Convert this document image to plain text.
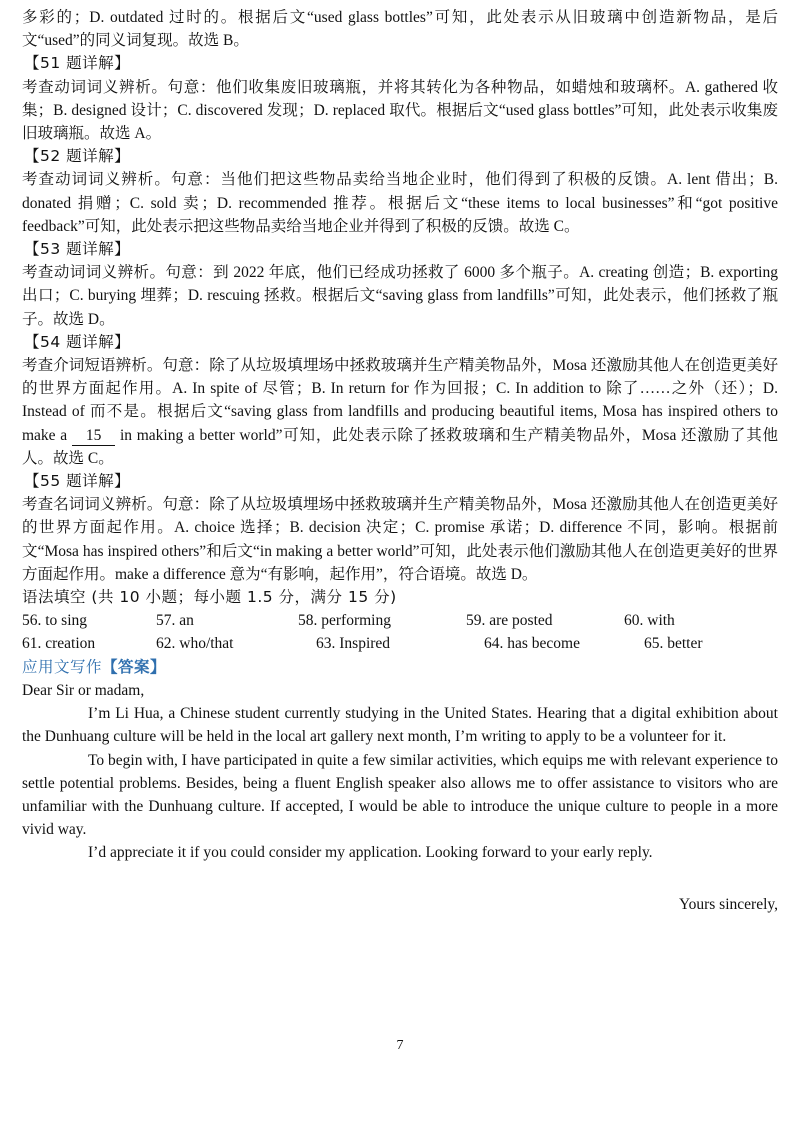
多彩的；D. outdated 过时的。根据后文“used glass bottles”可知，此处表示从旧玻璃中创造新物品，是后文“used”的同义词复现。故选 B。

【51 题详解】

考查动词词义辨析。句意：他们收集废旧玻璃瓶，并将其转化为各种物品，如蜡烛和玻璃杯。A. gathered 收集；B. designed 设计；C. discovered 发现；D. replaced 取代。根据后文“used glass bottles”可知，此处表示收集废旧玻璃瓶。故选 A。

【52 题详解】

考查动词词义辨析。句意：当他们把这些物品卖给当地企业时，他们得到了积极的反馈。A. lent 借出；B. donated 捐赠；C. sold 卖；D. recommended 推荐。根据后文“these items to local businesses”和“got positive feedback”可知，此处表示把这些物品卖给当地企业并得到了积极的反馈。故选 C。

【53 题详解】

考查动词词义辨析。句意：到 2022 年底，他们已经成功拯救了 6000 多个瓶子。A. creating 创造；B. exporting 出口；C. burying 埋葬；D. rescuing 拯救。根据后文“saving glass from landfills”可知，此处表示，他们拯救了瓶子。故选 D。

【54 题详解】

考查介词短语辨析。句意：除了从垃圾填埋场中拯救玻璃并生产精美物品外，Mosa 还激励其他人在创造更美好的世界方面起作用。A. In spite of 尽管；B. In return for 作为回报；C. In addition to 除了……之外（还）；D. Instead of 而不是。根据后文“saving glass from landfills and producing beautiful items, Mosa has inspired others to make a 15 in making a better world”可知，此处表示除了拯救玻璃和生产精美物品外，Mosa 还激励了其他人。故选 C。

【55 题详解】

考查名词词义辨析。句意：除了从垃圾填埋场中拯救玻璃并生产精美物品外，Mosa 还激励其他人在创造更美好的世界方面起作用。A. choice 选择；B. decision 决定；C. promise 承诺；D. difference 不同，影响。根据前文“Mosa has inspired others”和后文“in making a better world”可知，此处表示他们激励其他人在创造更美好的世界方面起作用。make a difference 意为“有影响，起作用”，符合语境。故选 D。

语法填空 (共 10 小题；每小题 1.5 分，满分 15 分)
56. to sing	57. an	58. performing	59. are posted	60. with
61. creation	62. who/that	63. Inspired	64. has become	65. better
应用文写作【答案】

Dear Sir or madam,

I’m Li Hua, a Chinese student currently studying in the United States. Hearing that a digital exhibition about the Dunhuang culture will be held in the local art gallery next month, I’m writing to apply to be a volunteer for it.

To begin with, I have participated in quite a few similar activities, which equips me with relevant experience to settle potential problems. Besides, being a fluent English speaker also allows me to offer assistance to visitors who are unfamiliar with the Dunhuang culture. If accepted, I would be able to introduce the unique culture to people in a more vivid way.

I’d appreciate it if you could consider my application. Looking forward to your early reply.

Yours sincerely,

7
